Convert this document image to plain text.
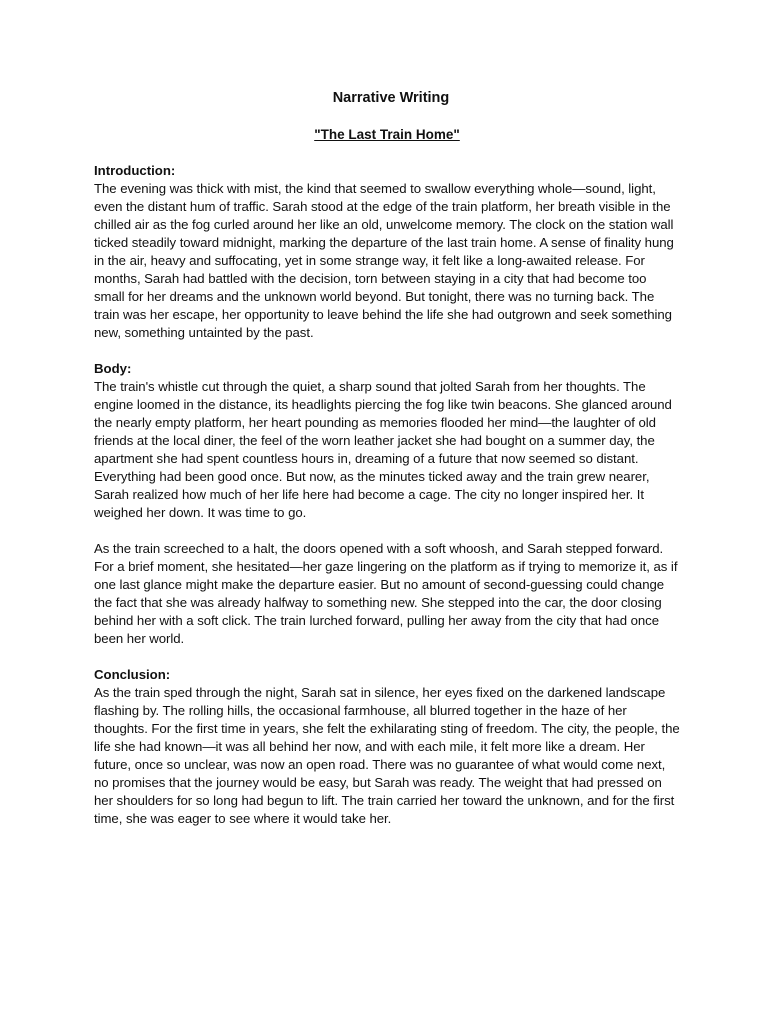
Narrative Writing
"The Last Train Home"

Introduction:

The evening was thick with mist, the kind that seemed to swallow everything whole—sound, light, even the distant hum of traffic. Sarah stood at the edge of the train platform, her breath visible in the chilled air as the fog curled around her like an old, unwelcome memory. The clock on the station wall ticked steadily toward midnight, marking the departure of the last train home. A sense of finality hung in the air, heavy and suffocating, yet in some strange way, it felt like a long-awaited release. For months, Sarah had battled with the decision, torn between staying in a city that had become too small for her dreams and the unknown world beyond. But tonight, there was no turning back. The train was her escape, her opportunity to leave behind the life she had outgrown and seek something new, something untainted by the past.

Body:

The train's whistle cut through the quiet, a sharp sound that jolted Sarah from her thoughts. The engine loomed in the distance, its headlights piercing the fog like twin beacons. She glanced around the nearly empty platform, her heart pounding as memories flooded her mind—the laughter of old friends at the local diner, the feel of the worn leather jacket she had bought on a summer day, the apartment she had spent countless hours in, dreaming of a future that now seemed so distant. Everything had been good once. But now, as the minutes ticked away and the train grew nearer, Sarah realized how much of her life here had become a cage. The city no longer inspired her. It weighed her down. It was time to go.

As the train screeched to a halt, the doors opened with a soft whoosh, and Sarah stepped forward. For a brief moment, she hesitated—her gaze lingering on the platform as if trying to memorize it, as if one last glance might make the departure easier. But no amount of second-guessing could change the fact that she was already halfway to something new. She stepped into the car, the door closing behind her with a soft click. The train lurched forward, pulling her away from the city that had once been her world.

Conclusion:

As the train sped through the night, Sarah sat in silence, her eyes fixed on the darkened landscape flashing by. The rolling hills, the occasional farmhouse, all blurred together in the haze of her thoughts. For the first time in years, she felt the exhilarating sting of freedom. The city, the people, the life she had known—it was all behind her now, and with each mile, it felt more like a dream. Her future, once so unclear, was now an open road. There was no guarantee of what would come next, no promises that the journey would be easy, but Sarah was ready. The weight that had pressed on her shoulders for so long had begun to lift. The train carried her toward the unknown, and for the first time, she was eager to see where it would take her.
